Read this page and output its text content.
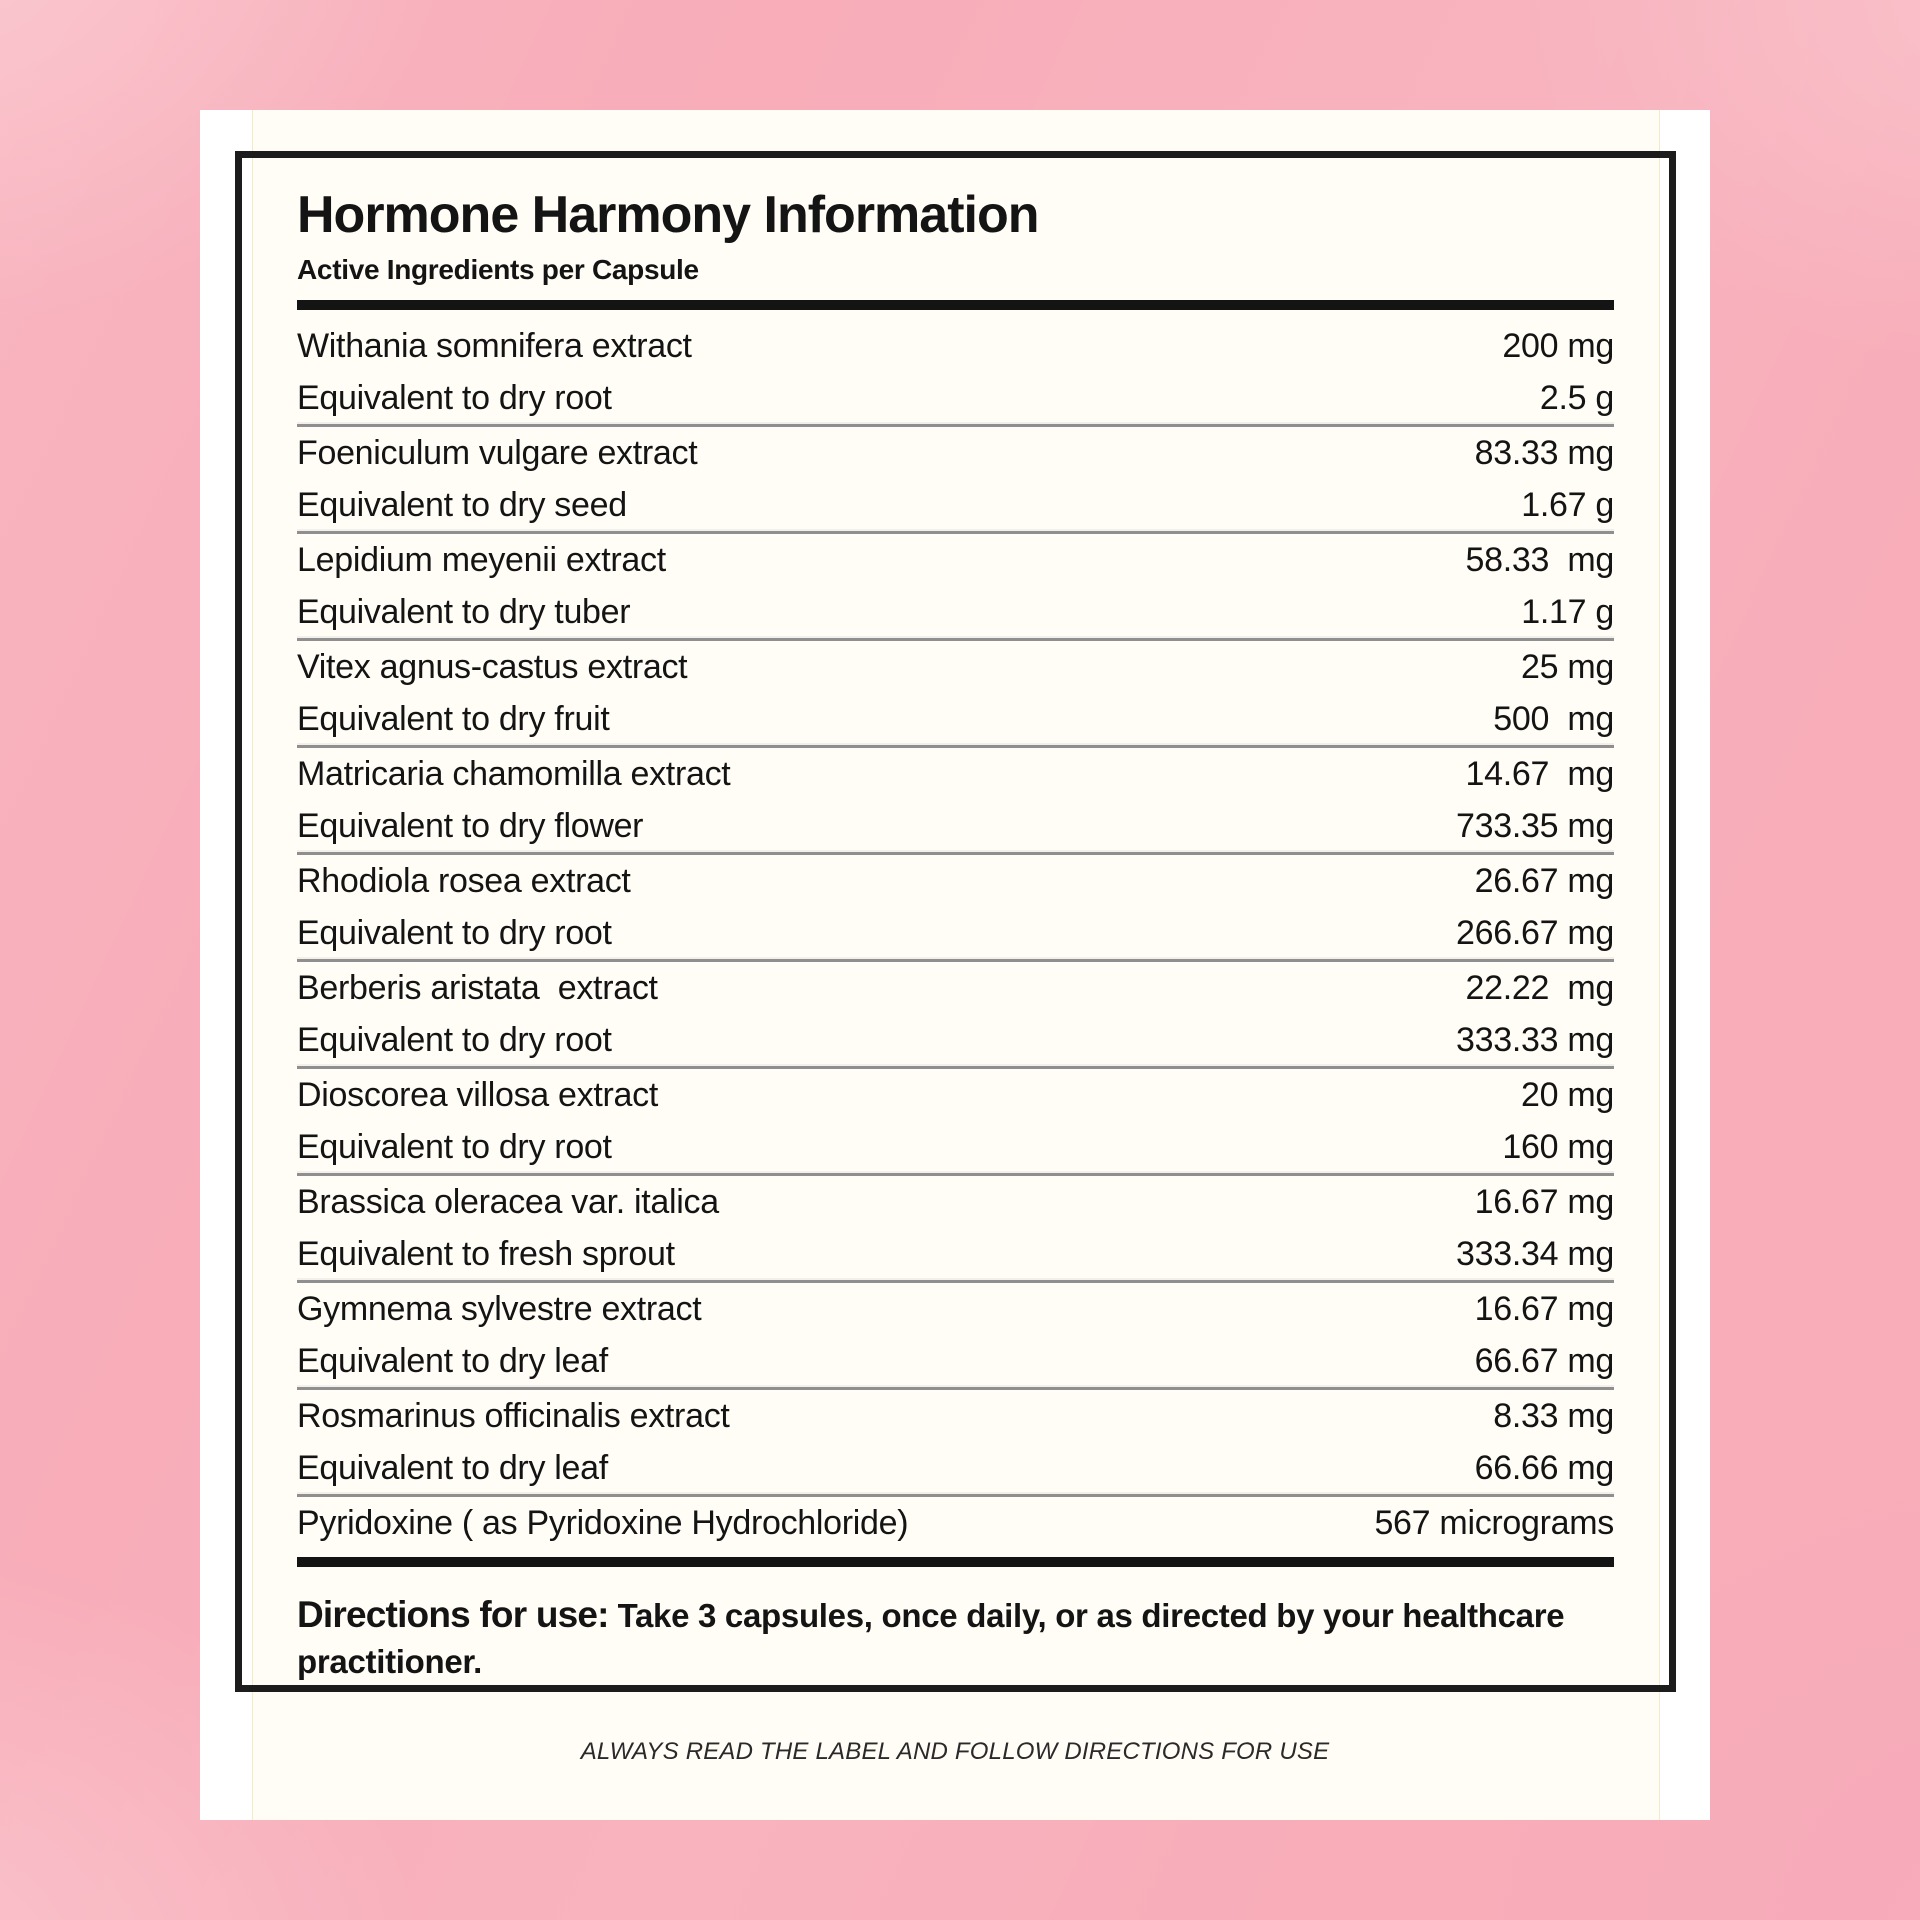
Hormone Harmony Information
Active Ingredients per Capsule
Withania somnifera extract	200 mg
Equivalent to dry root	2.5 g
Foeniculum vulgare extract	83.33 mg
Equivalent to dry seed	1.67 g
Lepidium meyenii extract	58.33  mg
Equivalent to dry tuber	1.17 g
Vitex agnus-castus extract	25 mg
Equivalent to dry fruit	500  mg
Matricaria chamomilla extract	14.67  mg
Equivalent to dry flower	733.35 mg
Rhodiola rosea extract	26.67 mg
Equivalent to dry root	266.67 mg
Berberis aristata  extract	22.22  mg
Equivalent to dry root	333.33 mg
Dioscorea villosa extract	20 mg
Equivalent to dry root	160 mg
Brassica oleracea var. italica	16.67 mg
Equivalent to fresh sprout	333.34 mg
Gymnema sylvestre extract	16.67 mg
Equivalent to dry leaf	66.67 mg
Rosmarinus officinalis extract	8.33 mg
Equivalent to dry leaf	66.66 mg
Pyridoxine ( as Pyridoxine Hydrochloride)	567 micrograms

Directions for use: Take 3 capsules, once daily, or as directed by your healthcare practitioner.

ALWAYS READ THE LABEL AND FOLLOW DIRECTIONS FOR USE
